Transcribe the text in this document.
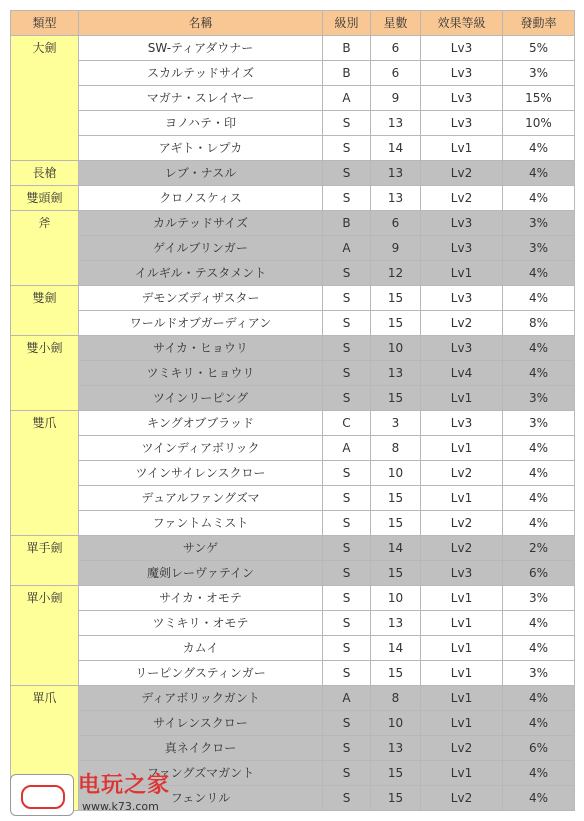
類型	名稱	級別	星數	效果等級	發動率
大劍	SW-ティアダウナー	B	6	Lv3	5%
	スカルテッドサイズ	B	6	Lv3	3%
	マガナ・スレイヤー	A	9	Lv3	15%
	ヨノハテ・印	S	13	Lv3	10%
	アギト・レプカ	S	14	Lv1	4%
長槍	レブ・ナスル	S	13	Lv2	4%
雙頭劍	クロノスケィス	S	13	Lv2	4%
斧	カルテッドサイズ	B	6	Lv3	3%
	ゲイルブリンガー	A	9	Lv3	3%
	イルギル・テスタメント	S	12	Lv1	4%
雙劍	デモンズディザスター	S	15	Lv3	4%
	ワールドオブガーディアン	S	15	Lv2	8%
雙小劍	サイカ・ヒョウリ	S	10	Lv3	4%
	ツミキリ・ヒョウリ	S	13	Lv4	4%
	ツインリーピング	S	15	Lv1	3%
雙爪	キングオブブラッド	C	3	Lv3	3%
	ツインディアボリック	A	8	Lv1	4%
	ツインサイレンスクロー	S	10	Lv2	4%
	デュアルファングズマ	S	15	Lv1	4%
	ファントムミスト	S	15	Lv2	4%
單手劍	サンゲ	S	14	Lv2	2%
	魔剣レーヴァテイン	S	15	Lv3	6%
單小劍	サイカ・オモテ	S	10	Lv1	3%
	ツミキリ・オモテ	S	13	Lv1	4%
	カムイ	S	14	Lv1	4%
	リーピングスティンガー	S	15	Lv1	3%
單爪	ディアボリックガント	A	8	Lv1	4%
	サイレンスクロー	S	10	Lv1	4%
	真ネイクロー	S	13	Lv2	6%
	ファングズマガント	S	15	Lv1	4%
	フェンリル	S	15	Lv2	4%
电玩之家
www.k73.com
